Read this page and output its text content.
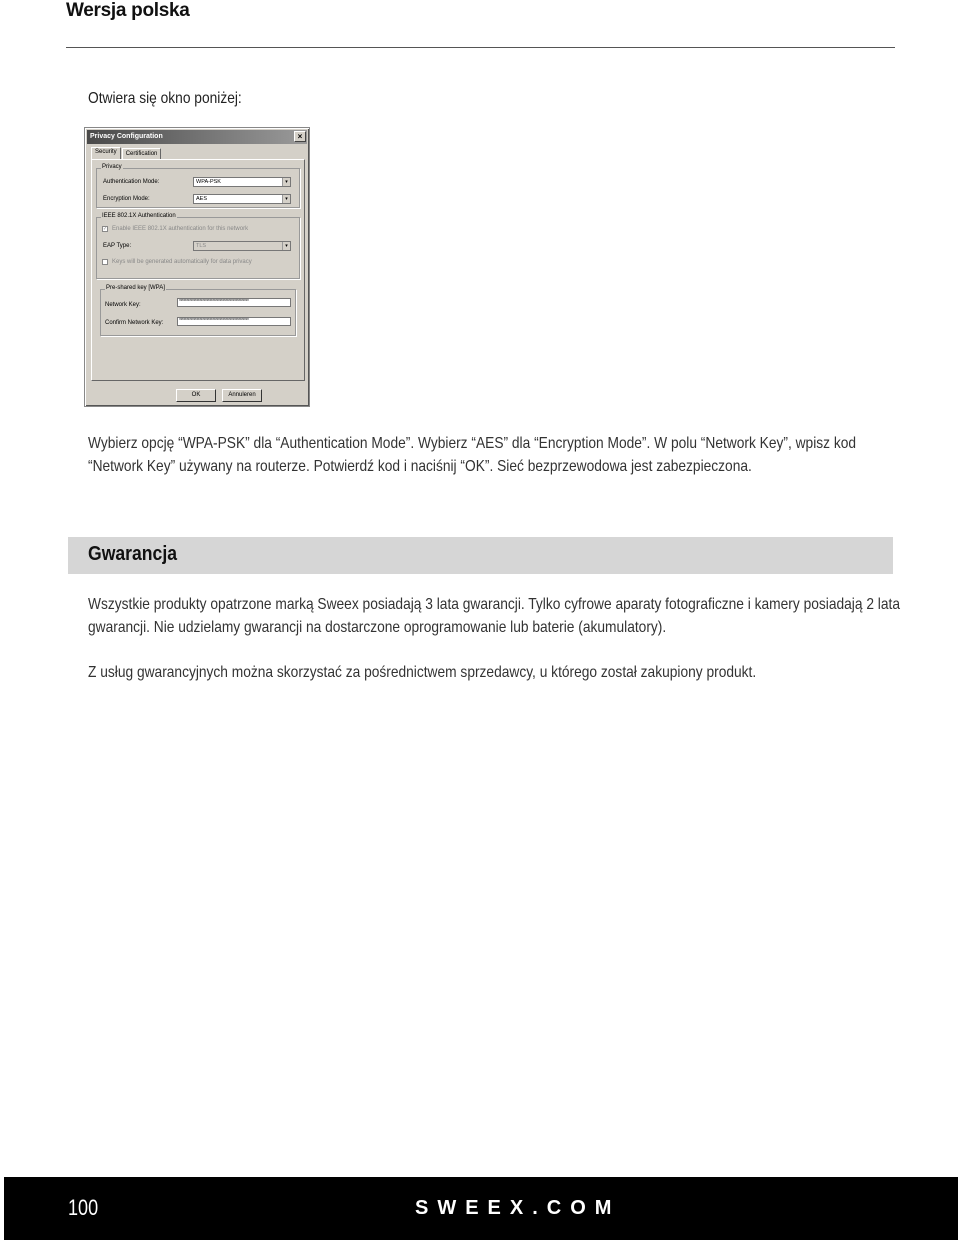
Wersja polska
Otwiera się okno poniżej:
Privacy Configuration	×
Security	Certification
Privacy
Authentication Mode:	WPA-PSK	▾
Encryption Mode:	AES	▾
IEEE 802.1X Authentication
✓ Enable IEEE 802.1X authentication for this network
EAP Type:	TLS	▾
Keys will be generated automatically for data privacy
Pre-shared key [WPA]
Network Key:	************************************************
Confirm Network Key:	************************************************
OK	Annuleren
Wybierz opcję “WPA-PSK” dla “Authentication Mode”. Wybierz “AES” dla “Encryption Mode”. W polu “Network Key”, wpisz kod
“Network Key” używany na routerze. Potwierdź kod i naciśnij “OK”. Sieć bezprzewodowa jest zabezpieczona.
Gwarancja
Wszystkie produkty opatrzone marką Sweex posiadają 3 lata gwarancji. Tylko cyfrowe aparaty fotograficzne i kamery posiadają 2 lata
gwarancji. Nie udzielamy gwarancji na dostarczone oprogramowanie lub baterie (akumulatory).
Z usług gwarancyjnych można skorzystać za pośrednictwem sprzedawcy, u którego został zakupiony produkt.
100	SWEEX.COM
